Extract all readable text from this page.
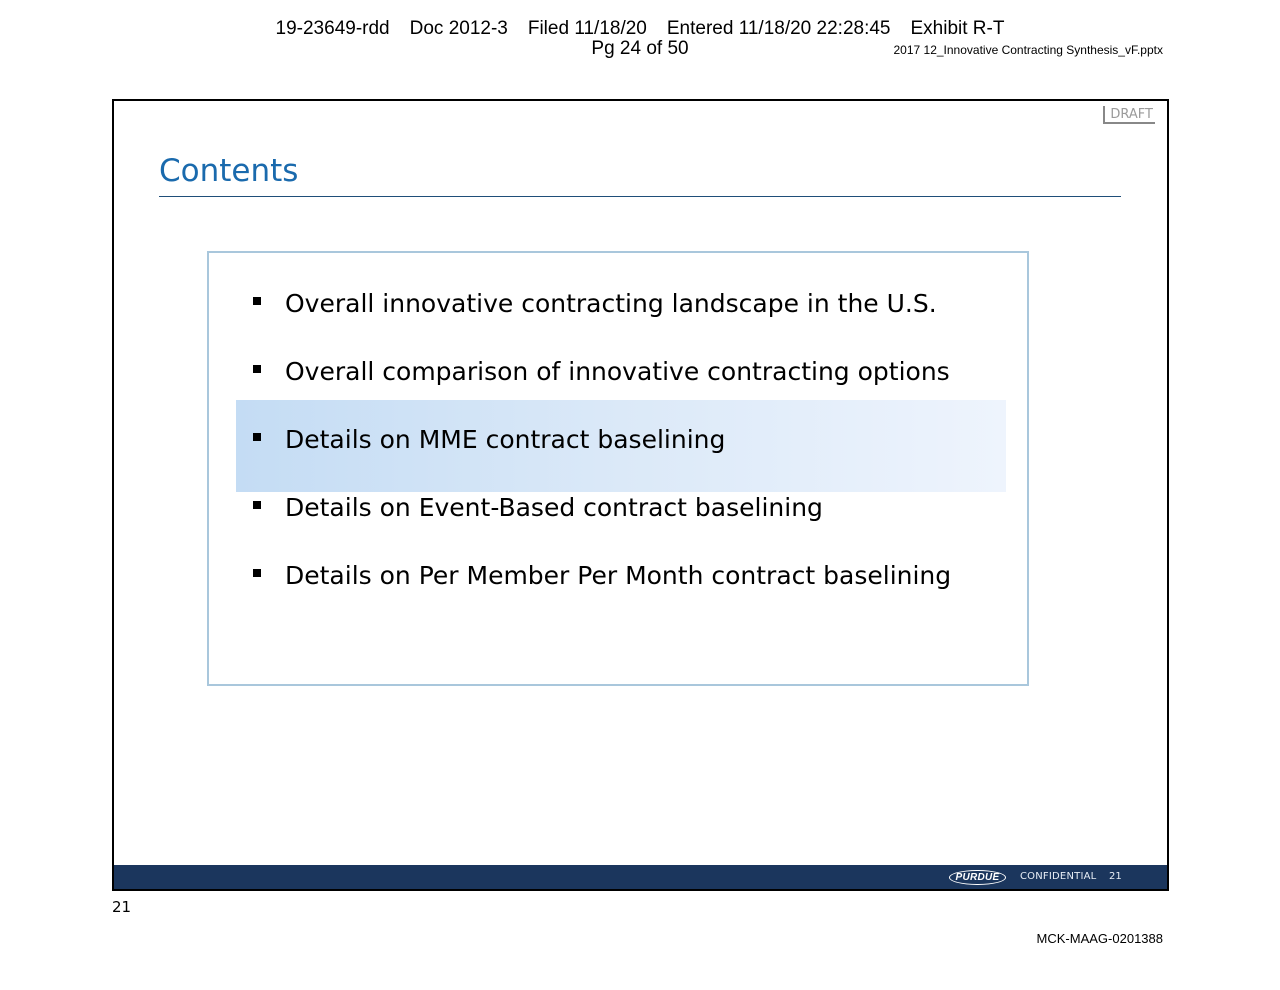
19-23649-rdd Doc 2012-3 Filed 11/18/20 Entered 11/18/20 22:28:45 Exhibit R-T
Pg 24 of 50	2017 12_Innovative Contracting Synthesis_vF.pptx
DRAFT
Contents
Overall innovative contracting landscape in the U.S.
Overall comparison of innovative contracting options
Details on MME contract baselining
Details on Event-Based contract baselining
Details on Per Member Per Month contract baselining
PURDUE	CONFIDENTIAL 21
21
MCK-MAAG-0201388
